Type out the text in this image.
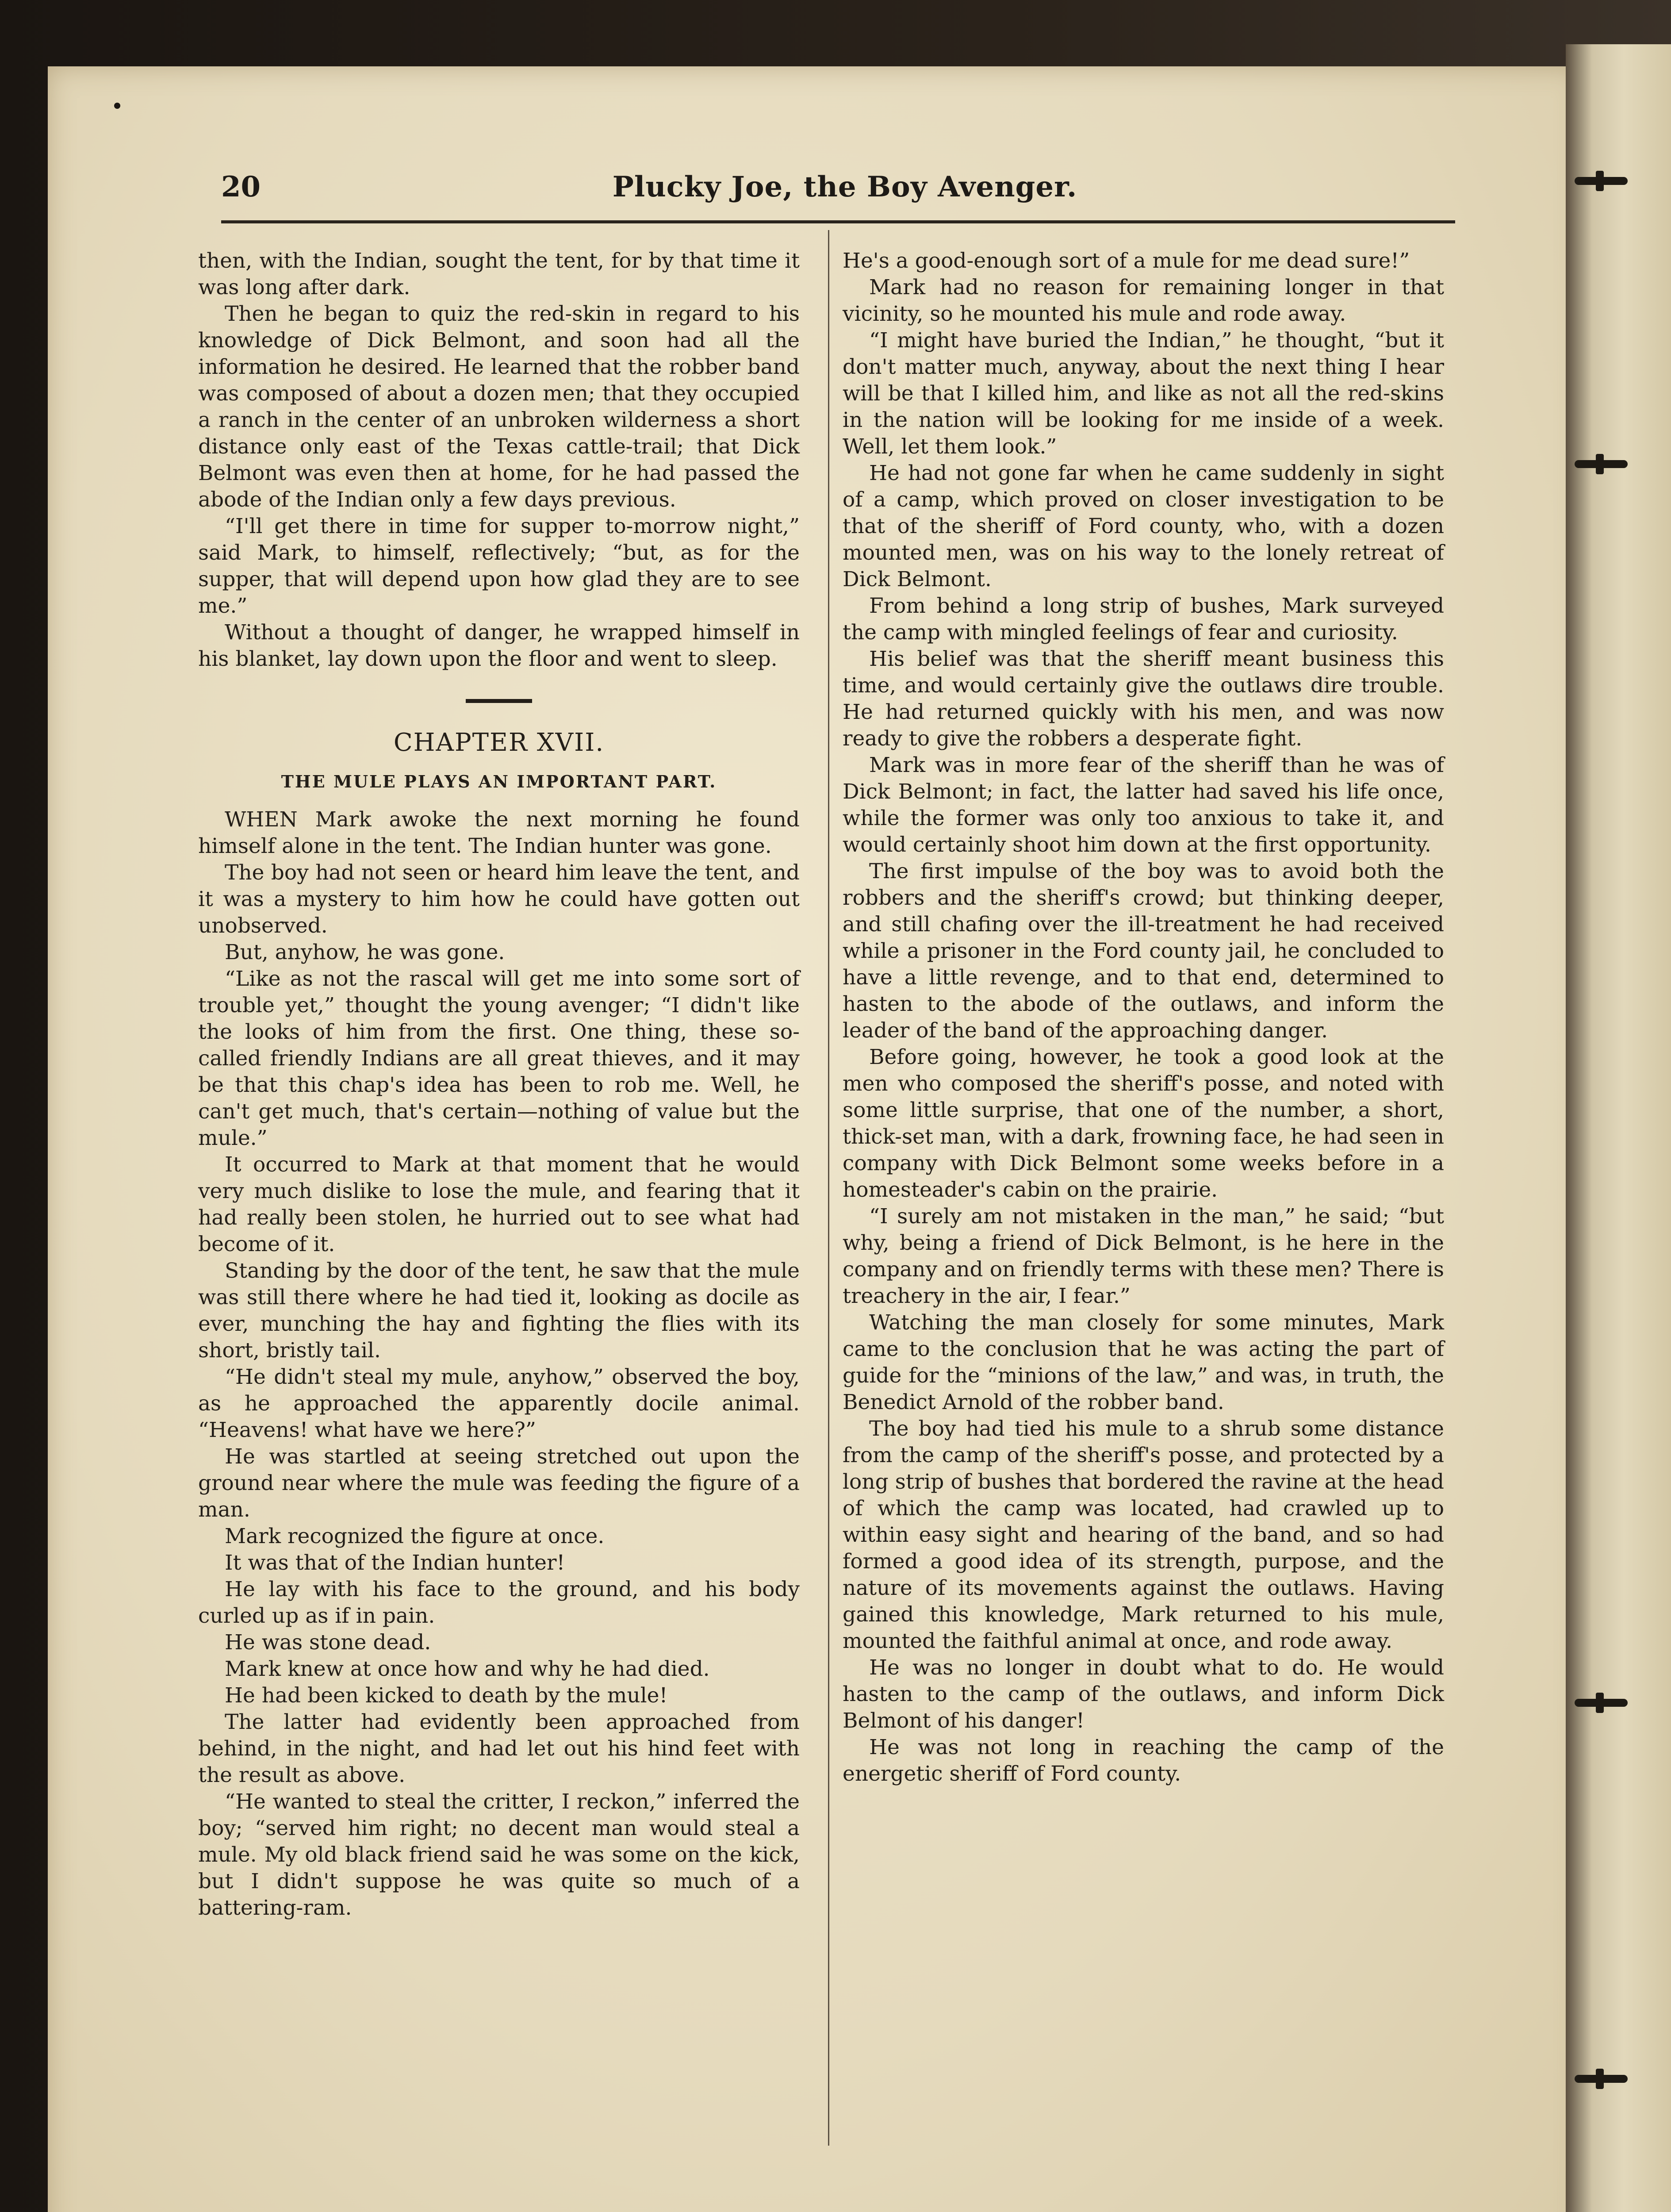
20	Plucky Joe, the Boy Avenger.

then, with the Indian, sought the tent, for by that time it was long after dark.

Then he began to quiz the red-skin in regard to his knowledge of Dick Belmont, and soon had all the information he desired. He learned that the robber band was composed of about a dozen men; that they occupied a ranch in the center of an unbroken wilderness a short distance only east of the Texas cattle-trail; that Dick Belmont was even then at home, for he had passed the abode of the Indian only a few days previous.

“I'll get there in time for supper to-morrow night,” said Mark, to himself, reflectively; “but, as for the supper, that will depend upon how glad they are to see me.”

Without a thought of danger, he wrapped himself in his blanket, lay down upon the floor and went to sleep.

CHAPTER XVII.
THE MULE PLAYS AN IMPORTANT PART.

WHEN Mark awoke the next morning he found himself alone in the tent. The Indian hunter was gone.

The boy had not seen or heard him leave the tent, and it was a mystery to him how he could have gotten out unobserved.

But, anyhow, he was gone.

“Like as not the rascal will get me into some sort of trouble yet,” thought the young avenger; “I didn't like the looks of him from the first. One thing, these so-called friendly Indians are all great thieves, and it may be that this chap's idea has been to rob me. Well, he can't get much, that's certain—nothing of value but the mule.”

It occurred to Mark at that moment that he would very much dislike to lose the mule, and fearing that it had really been stolen, he hurried out to see what had become of it.

Standing by the door of the tent, he saw that the mule was still there where he had tied it, looking as docile as ever, munching the hay and fighting the flies with its short, bristly tail.

“He didn't steal my mule, anyhow,” observed the boy, as he approached the apparently docile animal. “Heavens! what have we here?”

He was startled at seeing stretched out upon the ground near where the mule was feeding the figure of a man.

Mark recognized the figure at once.

It was that of the Indian hunter!

He lay with his face to the ground, and his body curled up as if in pain.

He was stone dead.

Mark knew at once how and why he had died.

He had been kicked to death by the mule!

The latter had evidently been approached from behind, in the night, and had let out his hind feet with the result as above.

“He wanted to steal the critter, I reckon,” inferred the boy; “served him right; no decent man would steal a mule. My old black friend said he was some on the kick, but I didn't suppose he was quite so much of a battering-ram.

He's a good-enough sort of a mule for me dead sure!”

Mark had no reason for remaining longer in that vicinity, so he mounted his mule and rode away.

“I might have buried the Indian,” he thought, “but it don't matter much, anyway, about the next thing I hear will be that I killed him, and like as not all the red-skins in the nation will be looking for me inside of a week. Well, let them look.”

He had not gone far when he came suddenly in sight of a camp, which proved on closer investigation to be that of the sheriff of Ford county, who, with a dozen mounted men, was on his way to the lonely retreat of Dick Belmont.

From behind a long strip of bushes, Mark surveyed the camp with mingled feelings of fear and curiosity.

His belief was that the sheriff meant business this time, and would certainly give the outlaws dire trouble. He had returned quickly with his men, and was now ready to give the robbers a desperate fight.

Mark was in more fear of the sheriff than he was of Dick Belmont; in fact, the latter had saved his life once, while the former was only too anxious to take it, and would certainly shoot him down at the first opportunity.

The first impulse of the boy was to avoid both the robbers and the sheriff's crowd; but thinking deeper, and still chafing over the ill-treatment he had received while a prisoner in the Ford county jail, he concluded to have a little revenge, and to that end, determined to hasten to the abode of the outlaws, and inform the leader of the band of the approaching danger.

Before going, however, he took a good look at the men who composed the sheriff's posse, and noted with some little surprise, that one of the number, a short, thick-set man, with a dark, frowning face, he had seen in company with Dick Belmont some weeks before in a homesteader's cabin on the prairie.

“I surely am not mistaken in the man,” he said; “but why, being a friend of Dick Belmont, is he here in the company and on friendly terms with these men? There is treachery in the air, I fear.”

Watching the man closely for some minutes, Mark came to the conclusion that he was acting the part of guide for the “minions of the law,” and was, in truth, the Benedict Arnold of the robber band.

The boy had tied his mule to a shrub some distance from the camp of the sheriff's posse, and protected by a long strip of bushes that bordered the ravine at the head of which the camp was located, had crawled up to within easy sight and hearing of the band, and so had formed a good idea of its strength, purpose, and the nature of its movements against the outlaws. Having gained this knowledge, Mark returned to his mule, mounted the faithful animal at once, and rode away.

He was no longer in doubt what to do. He would hasten to the camp of the outlaws, and inform Dick Belmont of his danger!

He was not long in reaching the camp of the energetic sheriff of Ford county.
